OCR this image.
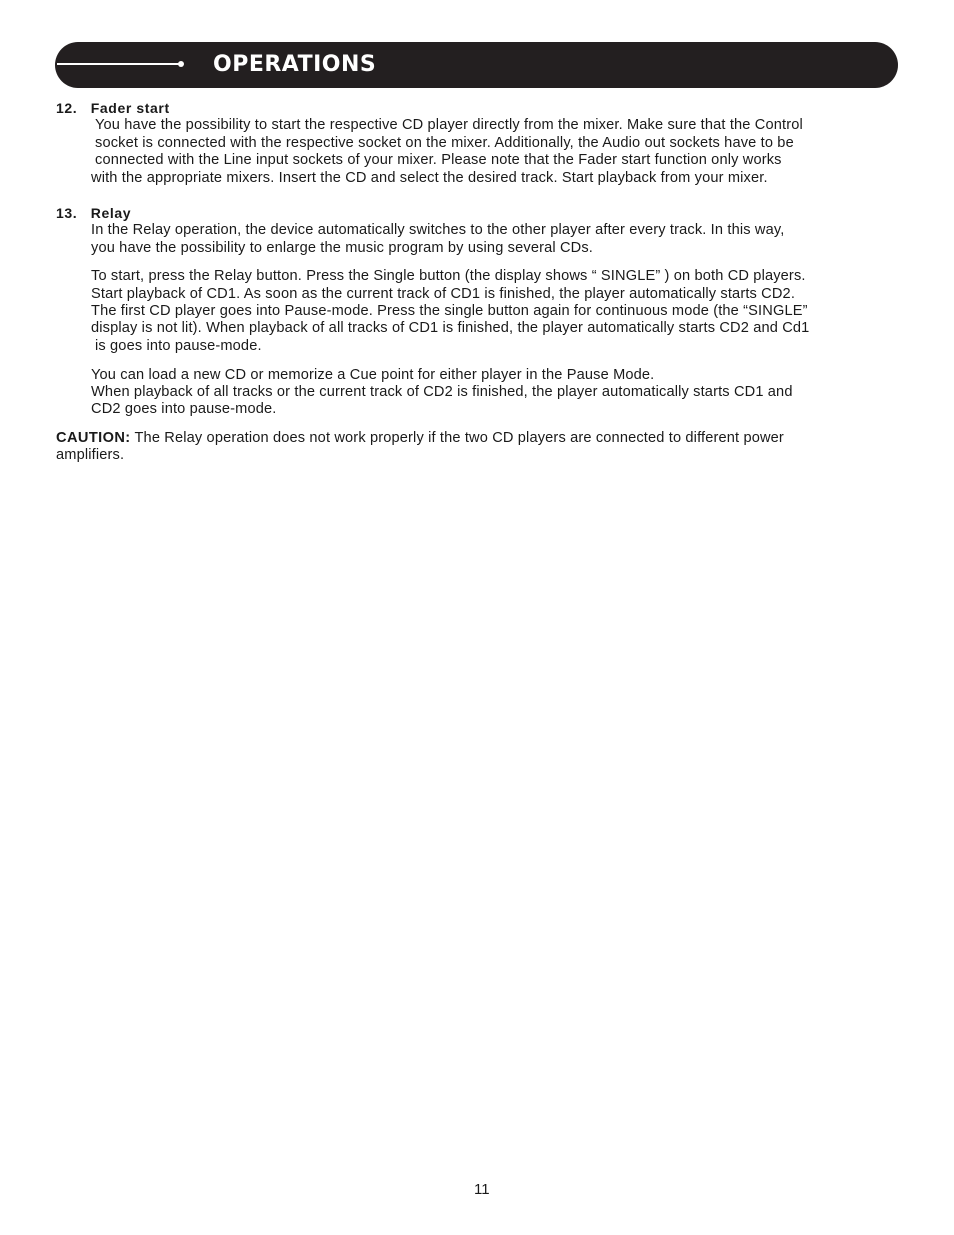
OPERATIONS
12. Fader start
You have the possibility to start the respective CD player directly from the mixer. Make sure that the Control
socket is connected with the respective socket on the mixer. Additionally, the Audio out sockets have to be
connected with the Line input sockets of your mixer. Please note that the Fader start function only works
with the appropriate mixers. Insert the CD and select the desired track. Start playback from your mixer.
13. Relay
In the Relay operation, the device automatically switches to the other player after every track. In this way,
you have the possibility to enlarge the music program by using several CDs.
To start, press the Relay button. Press the Single button (the display shows “ SINGLE” ) on both CD players.
Start playback of CD1. As soon as the current track of CD1 is finished, the player automatically starts CD2.
The first CD player goes into Pause-mode. Press the single button again for continuous mode (the “SINGLE”
display is not lit). When playback of all tracks of CD1 is finished, the player automatically starts CD2 and Cd1
is goes into pause-mode.
You can load a new CD or memorize a Cue point for either player in the Pause Mode.
When playback of all tracks or the current track of CD2 is finished, the player automatically starts CD1 and
CD2 goes into pause-mode.
CAUTION: The Relay operation does not work properly if the two CD players are connected to different power
amplifiers.
11
